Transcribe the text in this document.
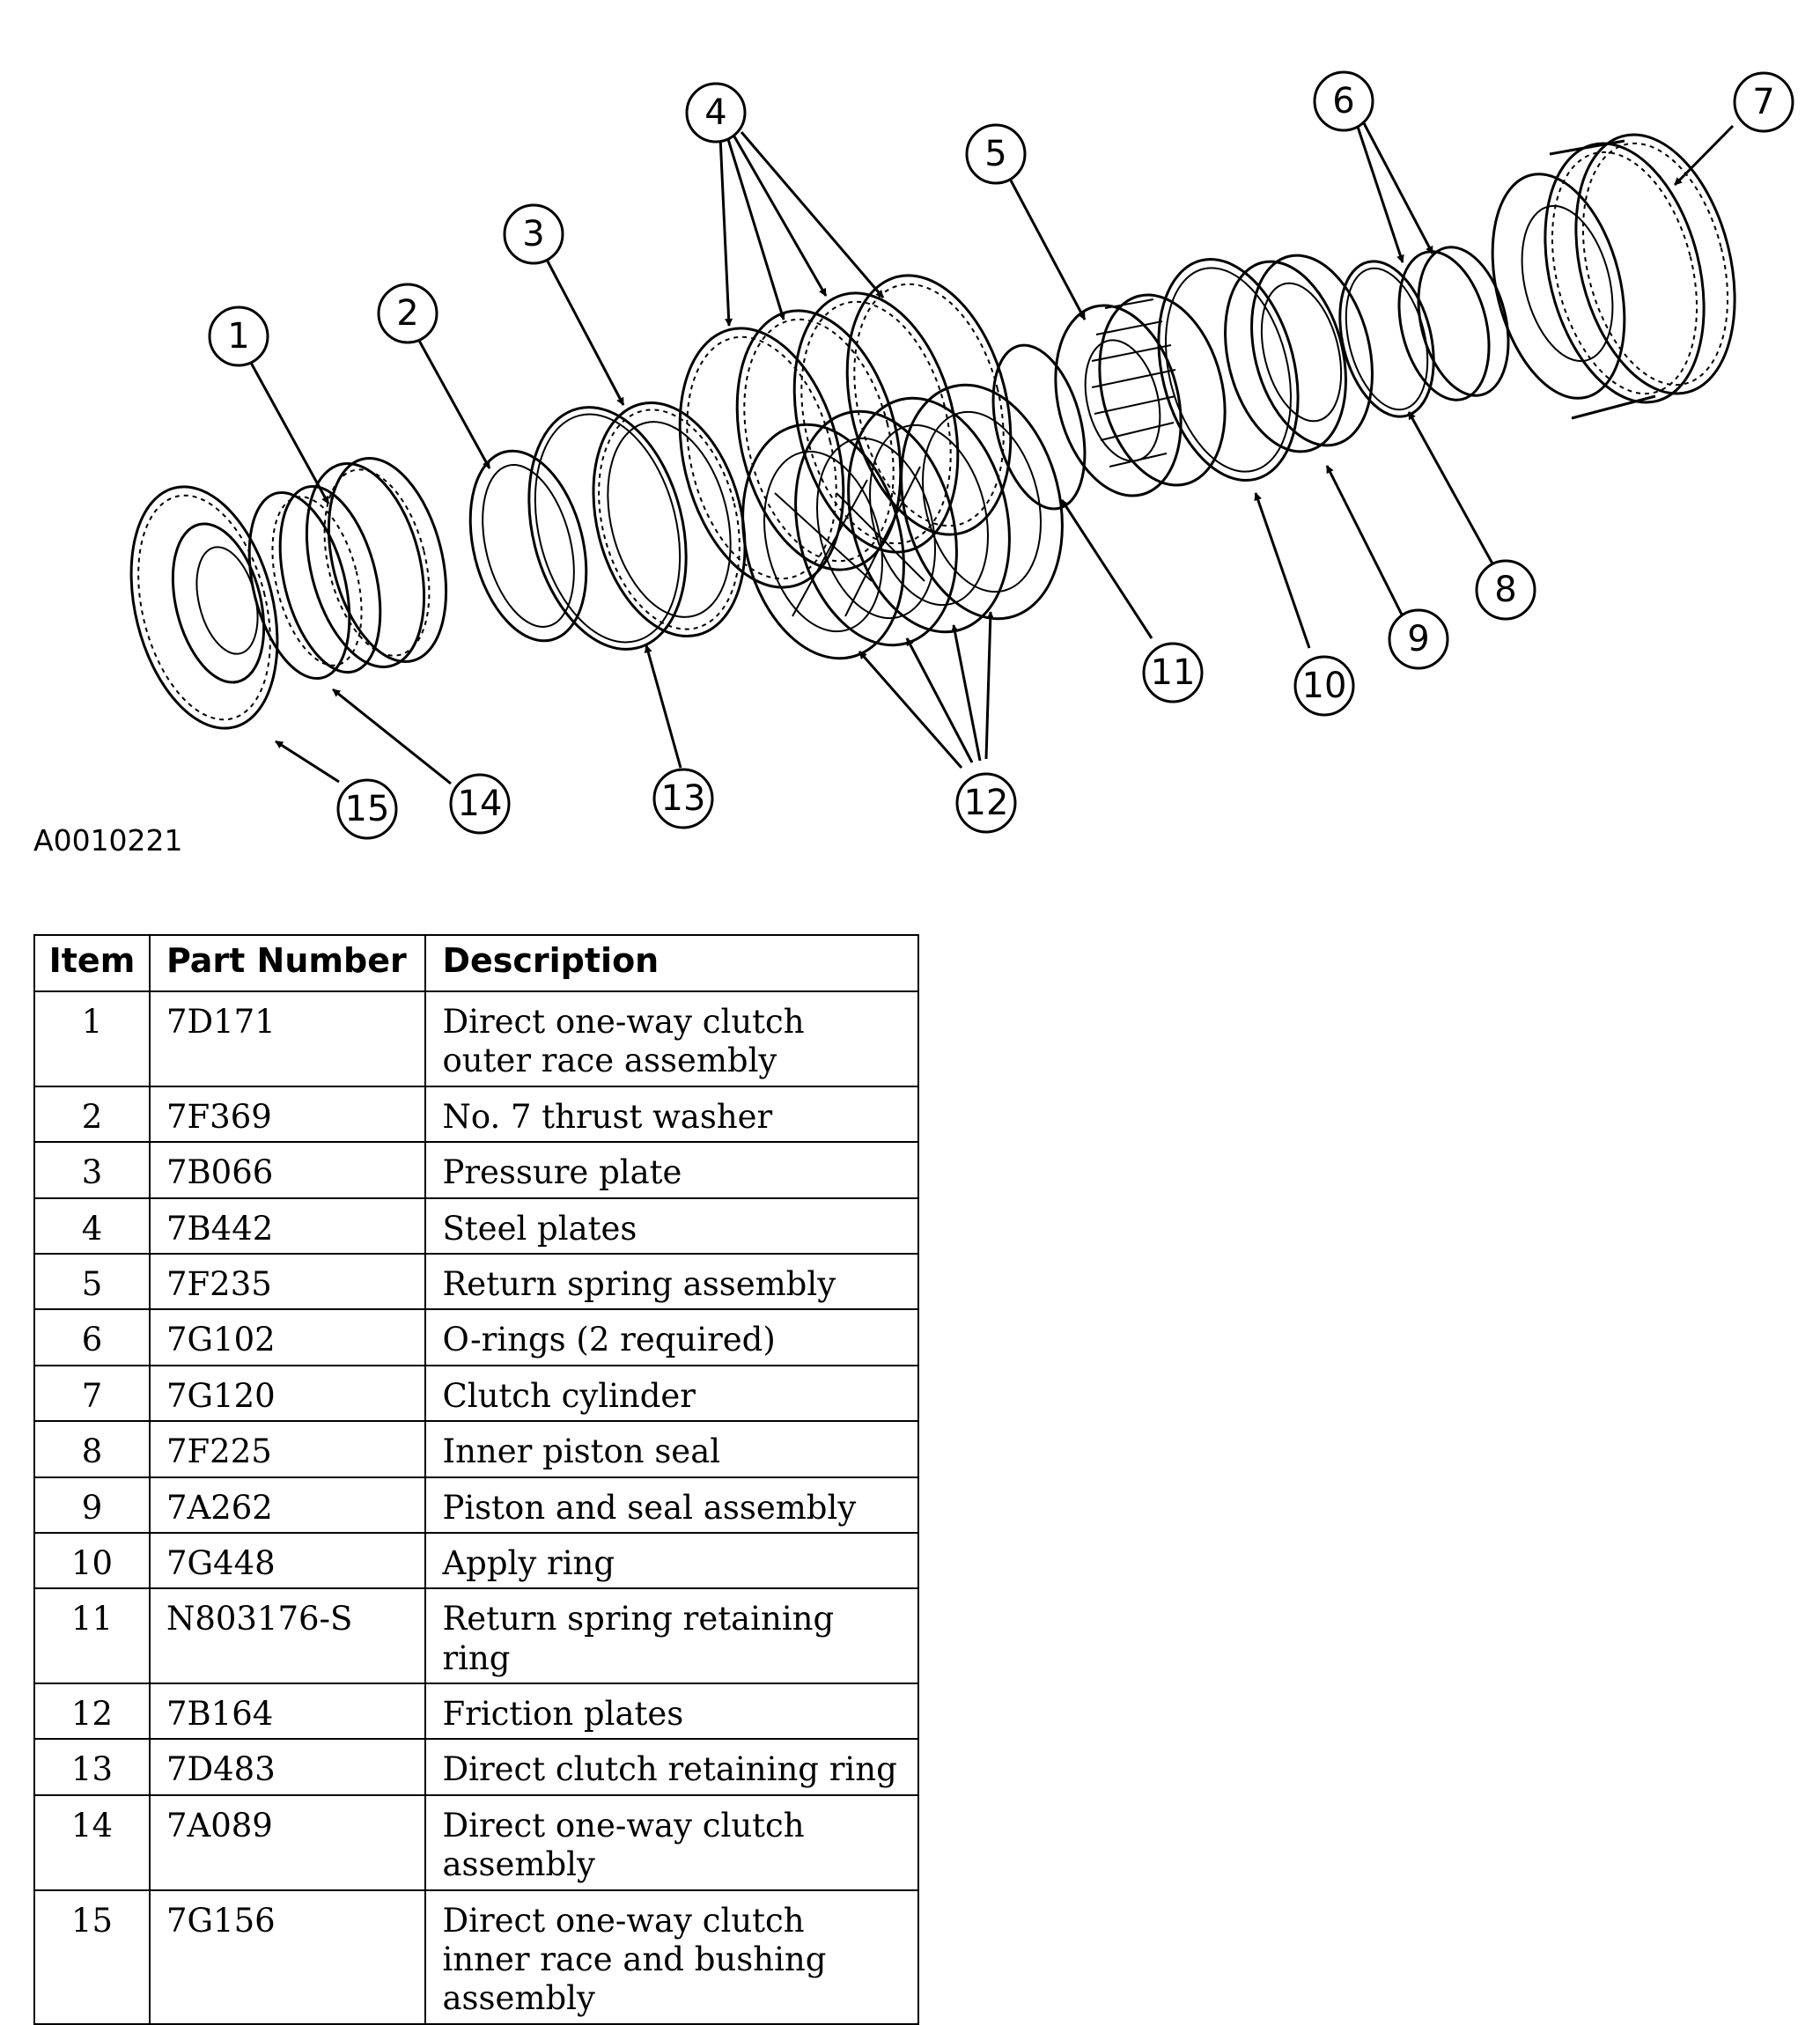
1
2
3
4
5
6	7
8
9
10
11
12
13
14
15
A0010221
Item	Part Number	Description
1	7D171	Direct one-way clutch outer race assembly
2	7F369	No. 7 thrust washer
3	7B066	Pressure plate
4	7B442	Steel plates
5	7F235	Return spring assembly
6	7G102	O-rings (2 required)
7	7G120	Clutch cylinder
8	7F225	Inner piston seal
9	7A262	Piston and seal assembly
10	7G448	Apply ring
11	N803176-S	Return spring retaining ring
12	7B164	Friction plates
13	7D483	Direct clutch retaining ring
14	7A089	Direct one-way clutch assembly
15	7G156	Direct one-way clutch inner race and bushing assembly
